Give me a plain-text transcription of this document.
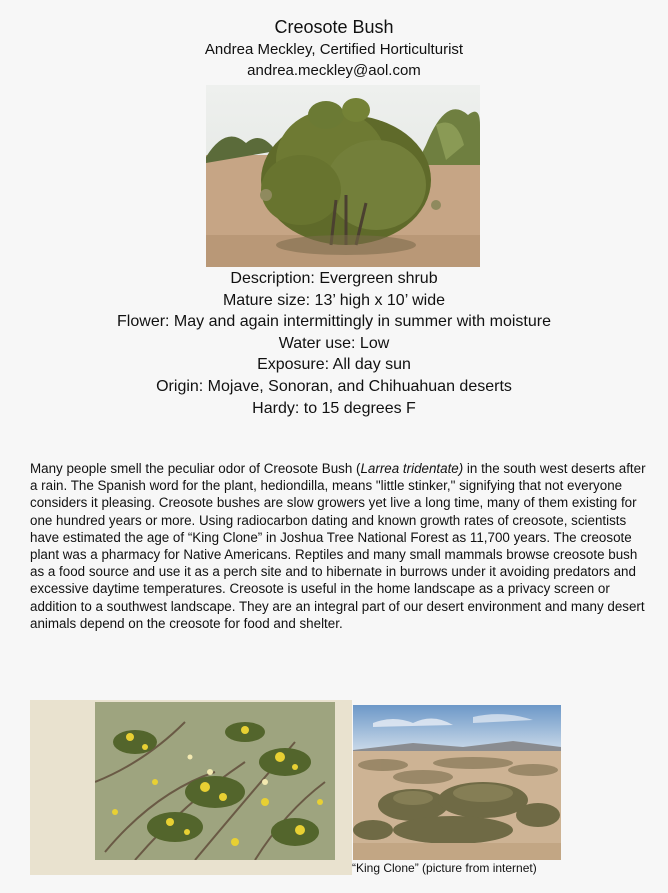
Creosote Bush
Andrea Meckley, Certified Horticulturist
andrea.meckley@aol.com
Description: Evergreen shrub
Mature size: 13’ high x 10’ wide
Flower: May and again intermittingly in summer with moisture
Water use: Low
Exposure: All day sun
Origin: Mojave, Sonoran, and Chihuahuan deserts
Hardy: to 15 degrees F
Many people smell the peculiar odor of Creosote Bush (Larrea tridentate) in the south west deserts after a rain. The Spanish word for the plant, hediondilla, means "little stinker," signifying that not everyone considers it pleasing. Creosote bushes are slow growers yet live a long time, many of them existing for one hundred years or more. Using radiocarbon dating and known growth rates of creosote, scientists have estimated the age of “King Clone” in Joshua Tree National Forest as 11,700 years. The creosote plant was a pharmacy for Native Americans. Reptiles and many small mammals browse creosote bush as a food source and use it as a perch site and to hibernate in burrows under it avoiding predators and excessive daytime temperatures. Creosote is useful in the home landscape as a privacy screen or addition to a southwest landscape. They are an integral part of our desert environment and many desert animals depend on the creosote for food and shelter.
“King Clone” (picture from internet)
